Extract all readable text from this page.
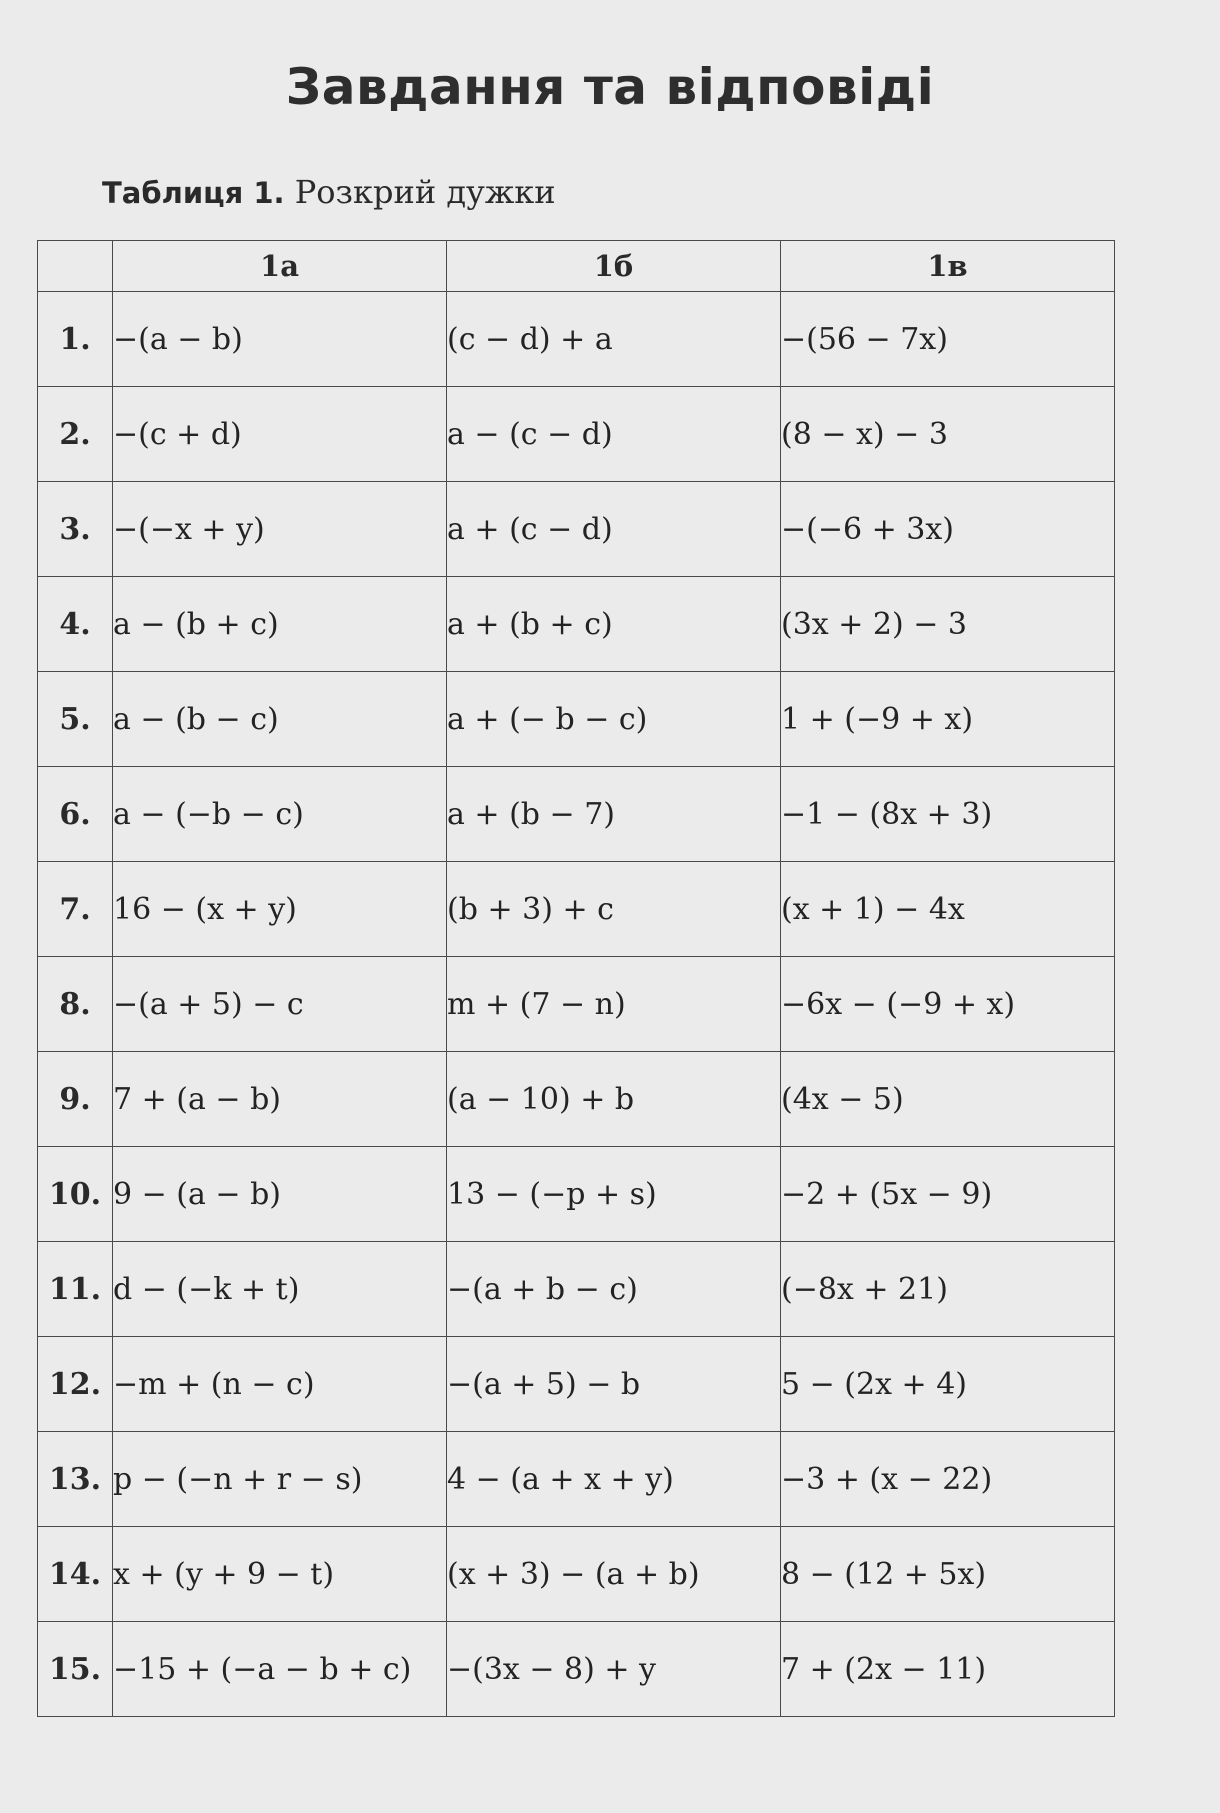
Завдання та відповіді
Таблиця 1. Розкрий дужки
	1а	1б	1в
1.	−(a − b)	(c − d) + a	−(56 − 7x)
2.	−(c + d)	a − (c − d)	(8 − x) − 3
3.	−(−x + y)	a + (c − d)	−(−6 + 3x)
4.	a − (b + c)	a + (b + c)	(3x + 2) − 3
5.	a − (b − c)	a + (− b − c)	1 + (−9 + x)
6.	a − (−b − c)	a + (b − 7)	−1 − (8x + 3)
7.	16 − (x + y)	(b + 3) + c	(x + 1) − 4x
8.	−(a + 5) − c	m + (7 − n)	−6x − (−9 + x)
9.	7 + (a − b)	(a − 10) + b	(4x − 5)
10.	9 − (a − b)	13 − (−p + s)	−2 + (5x − 9)
11.	d − (−k + t)	−(a + b − c)	(−8x + 21)
12.	−m + (n − c)	−(a + 5) − b	5 − (2x + 4)
13.	p − (−n + r − s)	4 − (a + x + y)	−3 + (x − 22)
14.	x + (y + 9 − t)	(x + 3) − (a + b)	8 − (12 + 5x)
15.	−15 + (−a − b + c)	−(3x − 8) + y	7 + (2x − 11)
